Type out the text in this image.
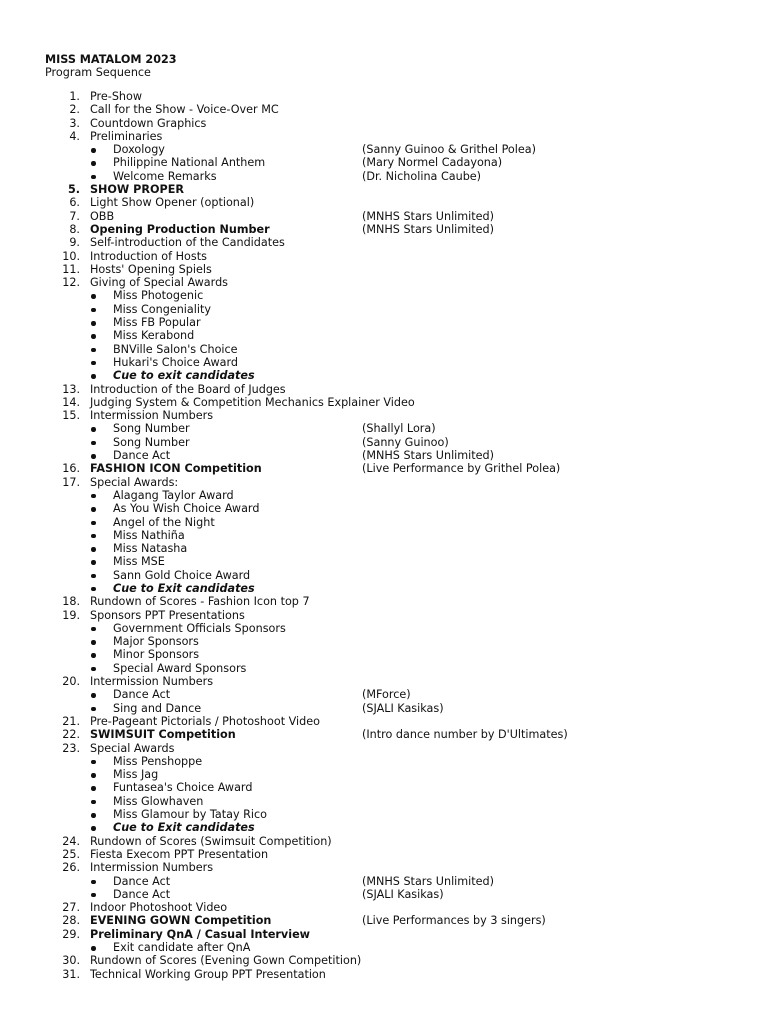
MISS MATALOM 2023
Program Sequence
1. Pre-Show
2. Call for the Show - Voice-Over MC
3. Countdown Graphics
4. Preliminaries
Doxology	(Sanny Guinoo & Grithel Polea)
Philippine National Anthem	(Mary Normel Cadayona)
Welcome Remarks	(Dr. Nicholina Caube)
5. SHOW PROPER
6. Light Show Opener (optional)
7. OBB	(MNHS Stars Unlimited)
8. Opening Production Number	(MNHS Stars Unlimited)
9. Self-introduction of the Candidates
10. Introduction of Hosts
11. Hosts' Opening Spiels
12. Giving of Special Awards
Miss Photogenic
Miss Congeniality
Miss FB Popular
Miss Kerabond
BNVille Salon's Choice
Hukari's Choice Award
Cue to exit candidates
13. Introduction of the Board of Judges
14. Judging System & Competition Mechanics Explainer Video
15. Intermission Numbers
Song Number	(Shallyl Lora)
Song Number	(Sanny Guinoo)
Dance Act	(MNHS Stars Unlimited)
16. FASHION ICON Competition	(Live Performance by Grithel Polea)
17. Special Awards:
Alagang Taylor Award
As You Wish Choice Award
Angel of the Night
Miss Nathiña
Miss Natasha
Miss MSE
Sann Gold Choice Award
Cue to Exit candidates
18. Rundown of Scores - Fashion Icon top 7
19. Sponsors PPT Presentations
Government Officials Sponsors
Major Sponsors
Minor Sponsors
Special Award Sponsors
20. Intermission Numbers
Dance Act	(MForce)
Sing and Dance	(SJALI Kasikas)
21. Pre-Pageant Pictorials / Photoshoot Video
22. SWIMSUIT Competition	(Intro dance number by D'Ultimates)
23. Special Awards
Miss Penshoppe
Miss Jag
Funtasea's Choice Award
Miss Glowhaven
Miss Glamour by Tatay Rico
Cue to Exit candidates
24. Rundown of Scores (Swimsuit Competition)
25. Fiesta Execom PPT Presentation
26. Intermission Numbers
Dance Act	(MNHS Stars Unlimited)
Dance Act	(SJALI Kasikas)
27. Indoor Photoshoot Video
28. EVENING GOWN Competition	(Live Performances by 3 singers)
29. Preliminary QnA / Casual Interview
Exit candidate after QnA
30. Rundown of Scores (Evening Gown Competition)
31. Technical Working Group PPT Presentation
